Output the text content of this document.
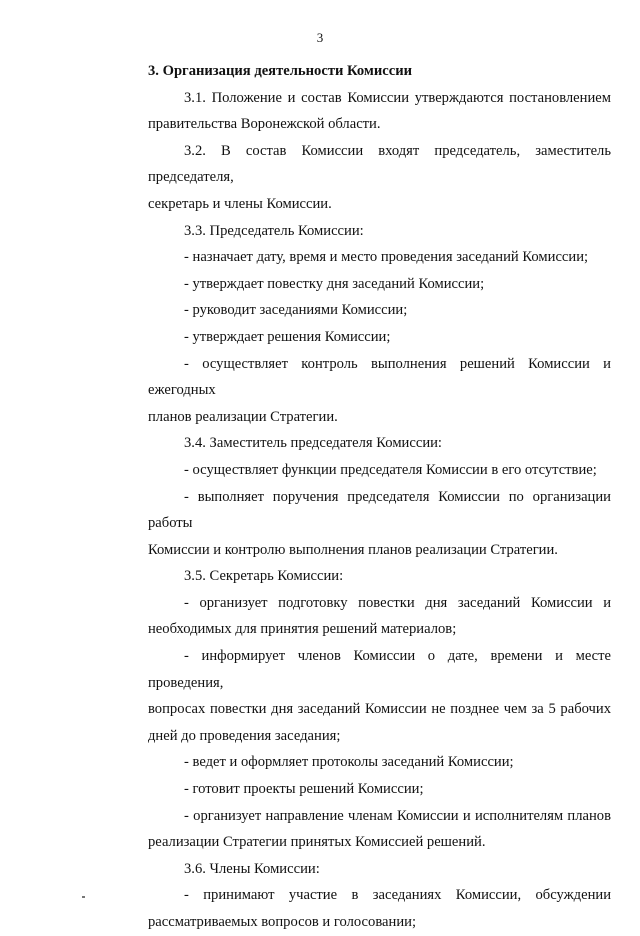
3

3. Организация деятельности Комиссии

3.1. Положение и состав Комиссии утверждаются постановлением
правительства Воронежской области.

3.2. В состав Комиссии входят председатель, заместитель председателя,
секретарь и члены Комиссии.

3.3. Председатель Комиссии:

- назначает дату, время и место проведения заседаний Комиссии;

- утверждает повестку дня заседаний Комиссии;

- руководит заседаниями Комиссии;

- утверждает решения Комиссии;

- осуществляет контроль выполнения решений Комиссии и ежегодных
планов реализации Стратегии.

3.4. Заместитель председателя Комиссии:

- осуществляет функции председателя Комиссии в его отсутствие;

- выполняет поручения председателя Комиссии по организации работы
Комиссии и контролю выполнения планов реализации Стратегии.

3.5. Секретарь Комиссии:

- организует подготовку повестки дня заседаний Комиссии и
необходимых для принятия решений материалов;

- информирует членов Комиссии о дате, времени и месте проведения,
вопросах повестки дня заседаний Комиссии не позднее чем за 5 рабочих
дней до проведения заседания;

- ведет и оформляет протоколы заседаний Комиссии;

- готовит проекты решений Комиссии;

- организует направление членам Комиссии и исполнителям планов
реализации Стратегии принятых Комиссией решений.

3.6. Члены Комиссии:

- принимают участие в заседаниях Комиссии, обсуждении
рассматриваемых вопросов и голосовании;
